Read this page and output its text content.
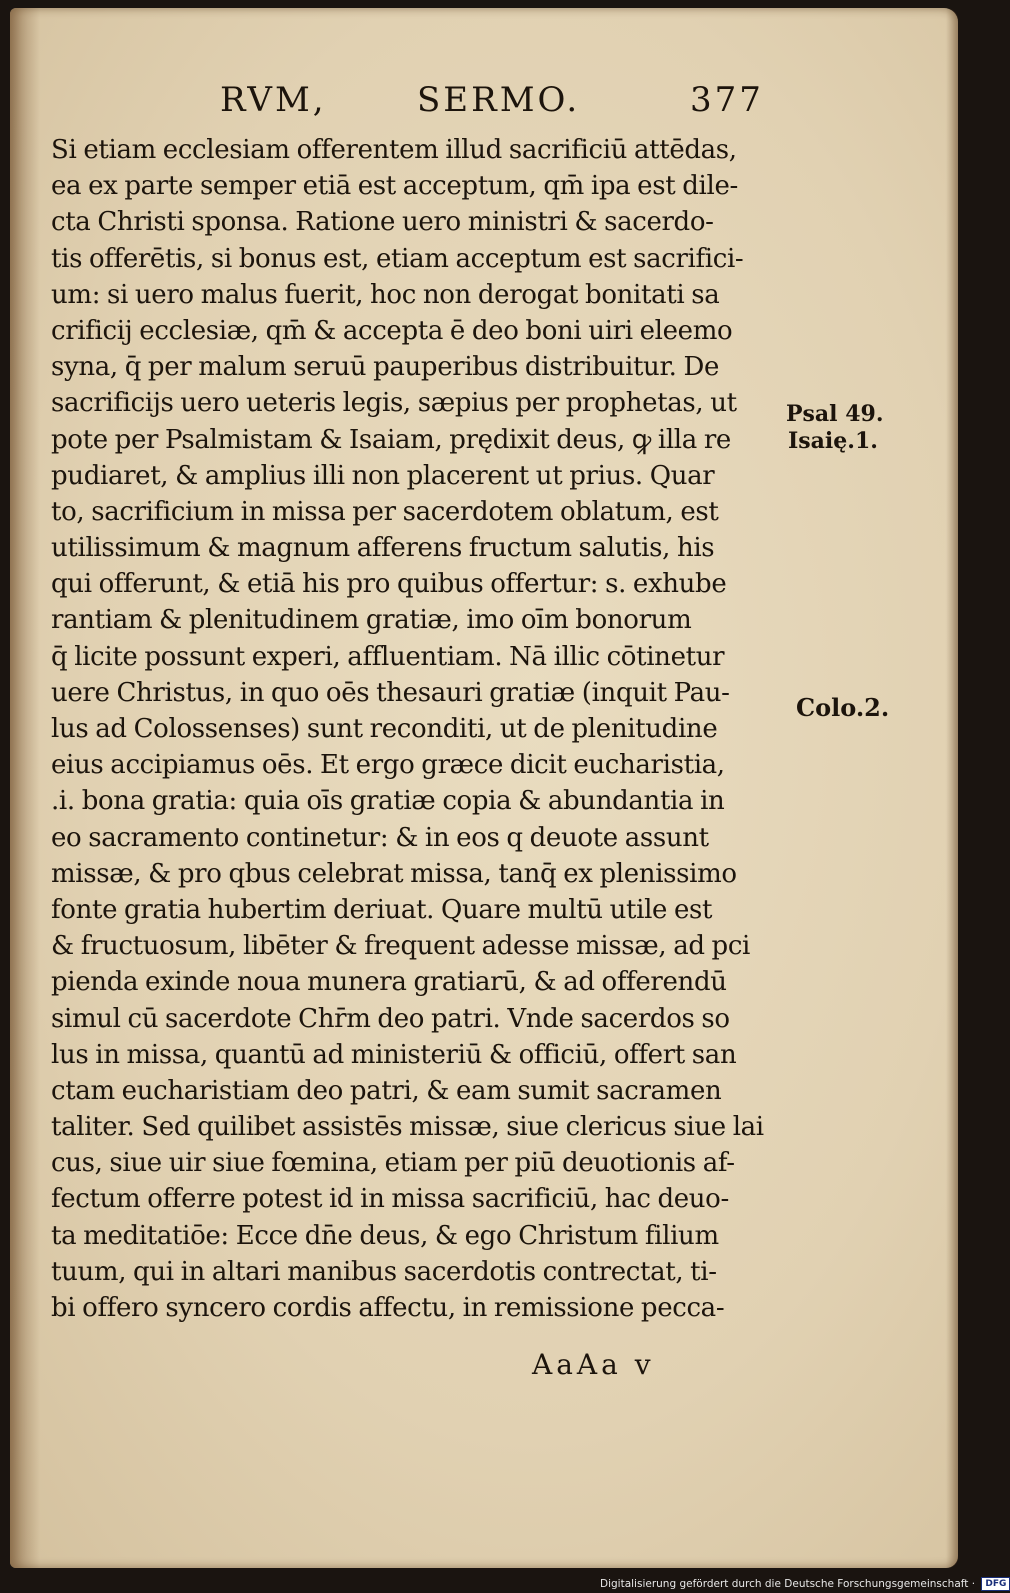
RVM,	SERMO.	377
Si etiam ecclesiam offerentem illud sacrificiū attēdas,
ea ex parte semper etiā est acceptum, qm̄ ipa est dile-
cta Christi sponsa. Ratione uero ministri & sacerdo-
tis offerētis, si bonus est, etiam acceptum est sacrifici-
um: si uero malus fuerit, hoc non derogat bonitati sa
crificij ecclesiæ, qm̄ & accepta ē deo boni uiri eleemo
syna, q̄ per malum seruū pauperibus distribuitur. De
sacrificijs uero ueteris legis, sæpius per prophetas, ut
pote per Psalmistam & Isaiam, prędixit deus, ꝙ illa re
pudiaret, & amplius illi non placerent ut prius. Quar
to, sacrificium in missa per sacerdotem oblatum, est
utilissimum & magnum afferens fructum salutis, his
qui offerunt, & etiā his pro quibus offertur: s. exhube
rantiam & plenitudinem gratiæ, imo oīm bonorum
q̄ licite possunt experi, affluentiam. Nā illic cōtinetur
uere Christus, in quo oēs thesauri gratiæ (inquit Pau-
lus ad Colossenses) sunt reconditi, ut de plenitudine
eius accipiamus oēs. Et ergo græce dicit eucharistia,
.i. bona gratia: quia oīs gratiæ copia & abundantia in
eo sacramento continetur: & in eos q deuote assunt
missæ, & pro qbus celebrat missa, tanq̄ ex plenissimo
fonte gratia hubertim deriuat. Quare multū utile est
& fructuosum, libēter & frequent adesse missæ, ad pci
pienda exinde noua munera gratiarū, & ad offerendū
simul cū sacerdote Chr̄m deo patri. Vnde sacerdos so
lus in missa, quantū ad ministeriū & officiū, offert san
ctam eucharistiam deo patri, & eam sumit sacramen
taliter. Sed quilibet assistēs missæ, siue clericus siue lai
cus, siue uir siue fœmina, etiam per piū deuotionis af-
fectum offerre potest id in missa sacrificiū, hac deuo-
ta meditatiōe: Ecce dn̄e deus, & ego Christum filium
tuum, qui in altari manibus sacerdotis contrectat, ti-
bi offero syncero cordis affectu, in remissione pecca-
Psal 49.
Isaię.1.
Colo.2.
AaAa v
Digitalisierung gefördert durch die Deutsche Forschungsgemeinschaft · DFG
